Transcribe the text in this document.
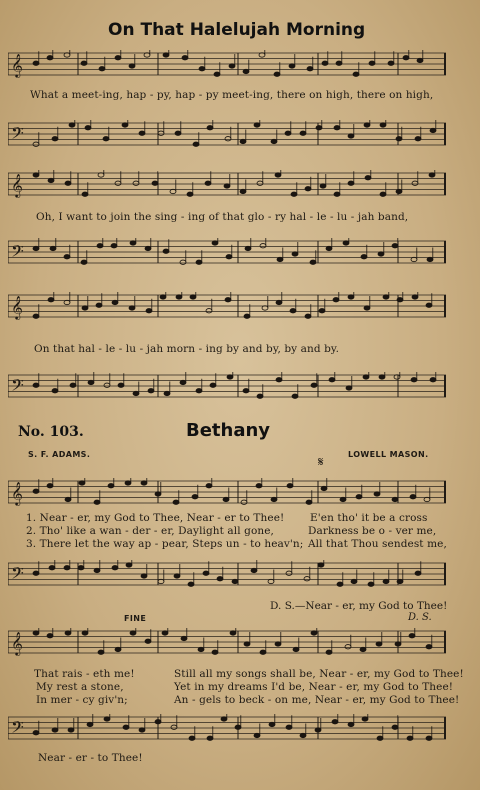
On That Halelujah Morning
𝄞
What a meet-ing, hap - py, hap - py meet-ing, there on high, there on high,
𝄢
𝄞
Oh, I want to join the sing - ing of that glo - ry hal - le - lu - jah band,
𝄢
𝄞
On that hal - le - lu - jah morn - ing by and by, by and by.
𝄢
No. 103.	Bethany
S. F. ADAMS.	LOWELL MASON.
𝄋
𝄞
1. Near - er, my God to Thee, Near - er to Thee!
2. Tho' like a wan - der - er, Daylight all gone,
3. There let the way ap - pear, Steps un - to heav'n;
E'en tho' it be a cross
Darkness be o - ver me,
All that Thou sendest me,
𝄢
D. S.—Near - er, my God to Thee!
FINE	D. S.
𝄞
That rais - eth me!
My rest a stone,
In mer - cy giv'n;
Still all my songs shall be, Near - er, my God to Thee!
Yet in my dreams I'd be, Near - er, my God to Thee!
An - gels to beck - on me, Near - er, my God to Thee!
𝄢
Near - er - to Thee!
